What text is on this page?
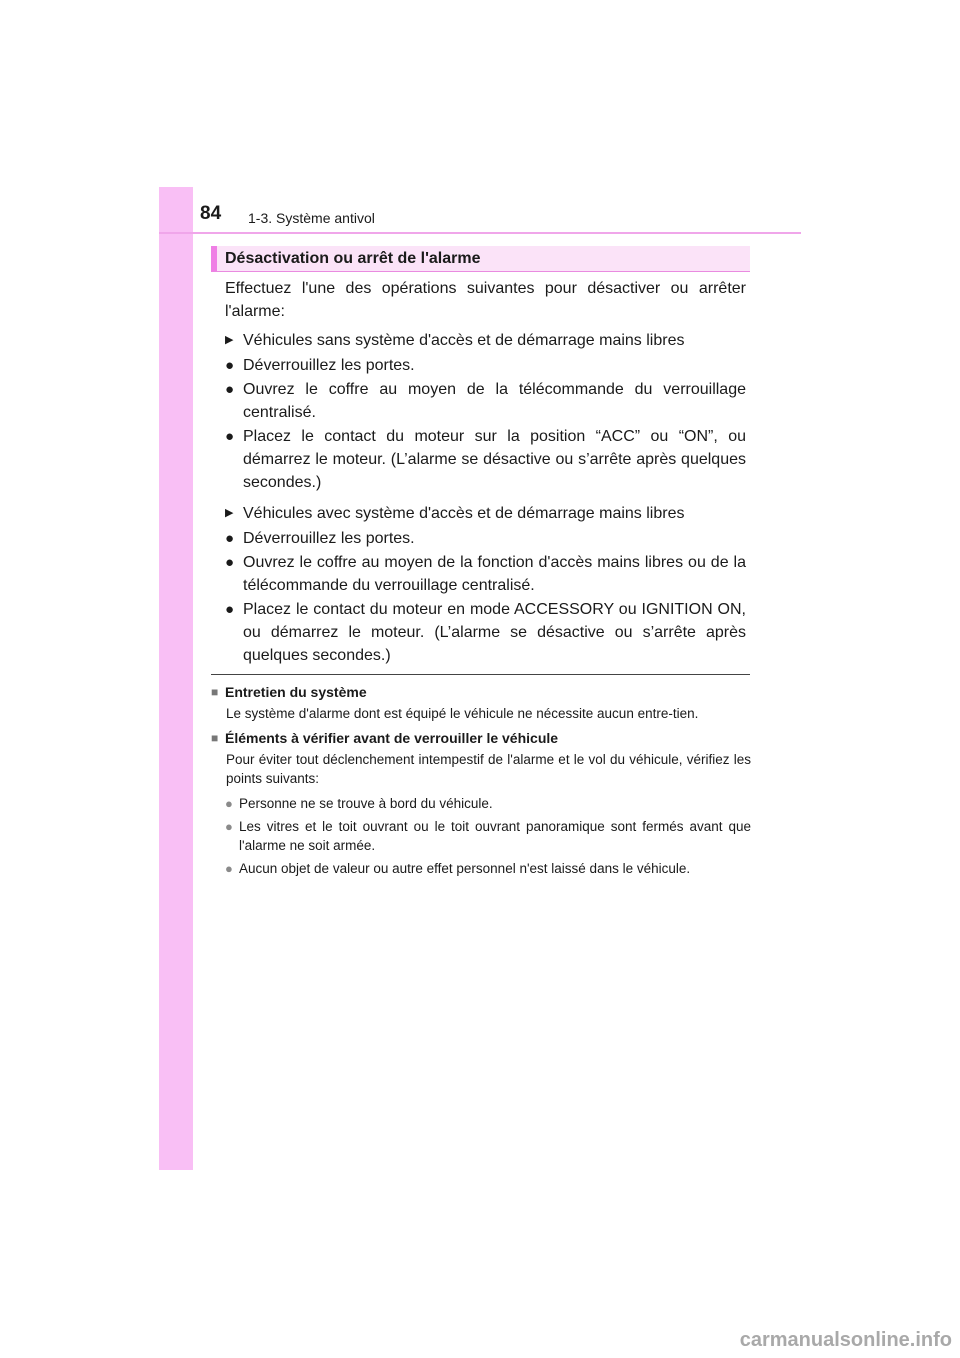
84 1-3. Système antivol
Désactivation ou arrêt de l'alarme

Effectuez l'une des opérations suivantes pour désactiver ou arrêter l'alarme:

▶ Véhicules sans système d'accès et de démarrage mains libres
● Déverrouillez les portes.
● Ouvrez le coffre au moyen de la télécommande du verrouillage centralisé.
● Placez le contact du moteur sur la position “ACC” ou “ON”, ou démarrez le moteur. (L’alarme se désactive ou s’arrête après quelques secondes.)
▶ Véhicules avec système d'accès et de démarrage mains libres
● Déverrouillez les portes.
● Ouvrez le coffre au moyen de la fonction d'accès mains libres ou de la télécommande du verrouillage centralisé.
● Placez le contact du moteur en mode ACCESSORY ou IGNITION ON, ou démarrez le moteur. (L’alarme se désactive ou s’arrête après quelques secondes.)
■ Entretien du système
Le système d'alarme dont est équipé le véhicule ne nécessite aucun entre-tien.
■ Éléments à vérifier avant de verrouiller le véhicule
Pour éviter tout déclenchement intempestif de l'alarme et le vol du véhicule, vérifiez les points suivants:
● Personne ne se trouve à bord du véhicule.
● Les vitres et le toit ouvrant ou le toit ouvrant panoramique sont fermés avant que l'alarme ne soit armée.
● Aucun objet de valeur ou autre effet personnel n'est laissé dans le véhicule.
carmanualsonline.info
